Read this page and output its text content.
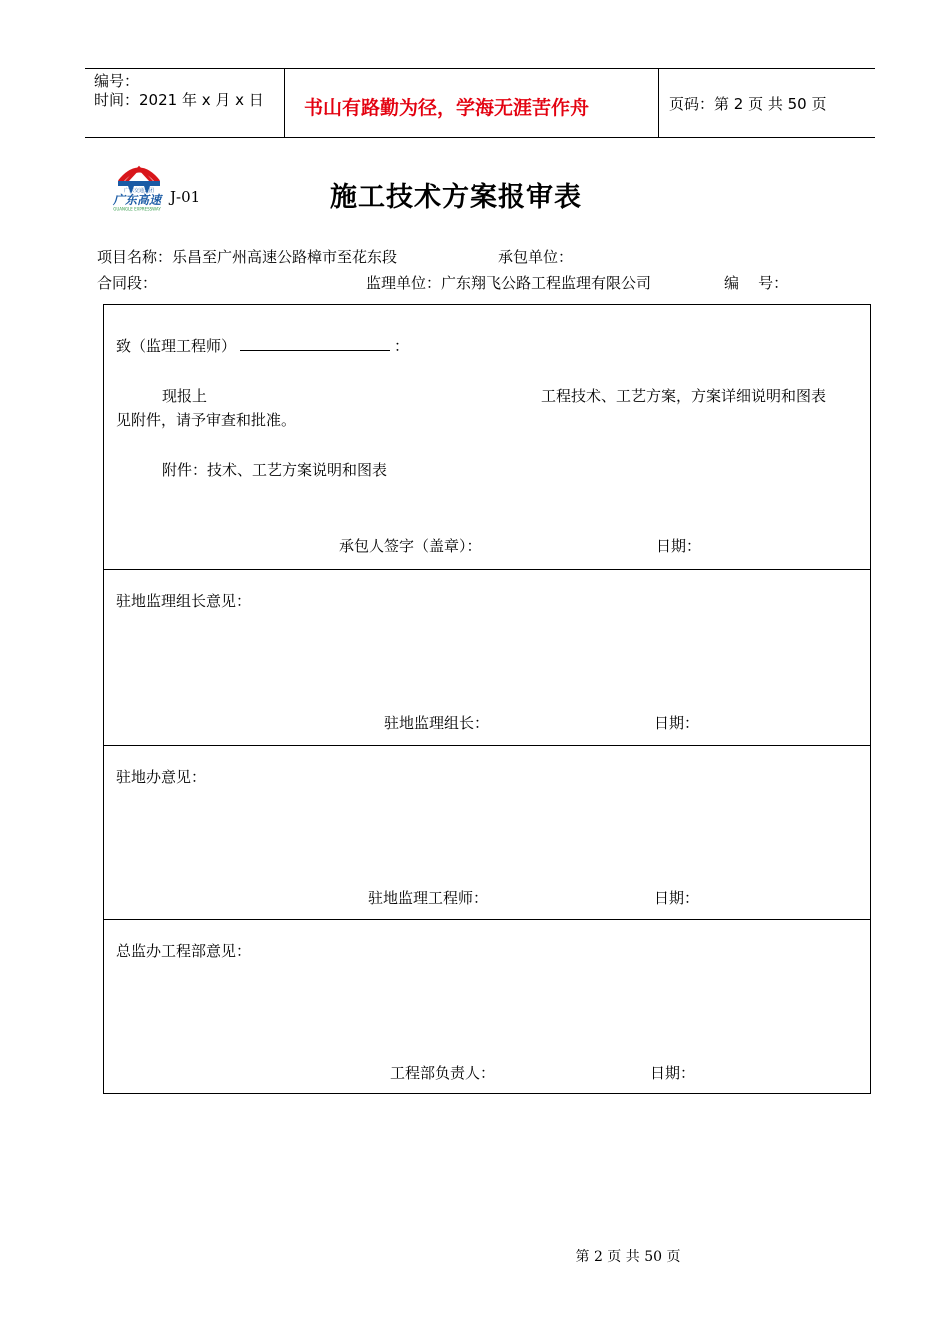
编号：
时间：2021 年 x 月 x 日	书山有路勤为径，学海无涯苦作舟	页码：第 2 页 共 50 页
广东交通集团
广东高速
GUANGLE EXPRESSWAY
J-01	施工技术方案报审表
项目名称：乐昌至广州高速公路樟市至花东段	承包单位：
合同段：	监理单位：广东翔飞公路工程监理有限公司	编    号：
致（监理工程师）	：
现报上	工程技术、工艺方案，方案详细说明和图表
见附件，请予审查和批准。
附件：技术、工艺方案说明和图表
承包人签字（盖章）：	日期：
驻地监理组长意见：
驻地监理组长：	日期：
驻地办意见：
驻地监理工程师：	日期：
总监办工程部意见：
工程部负责人：	日期：
第 2 页 共 50 页
